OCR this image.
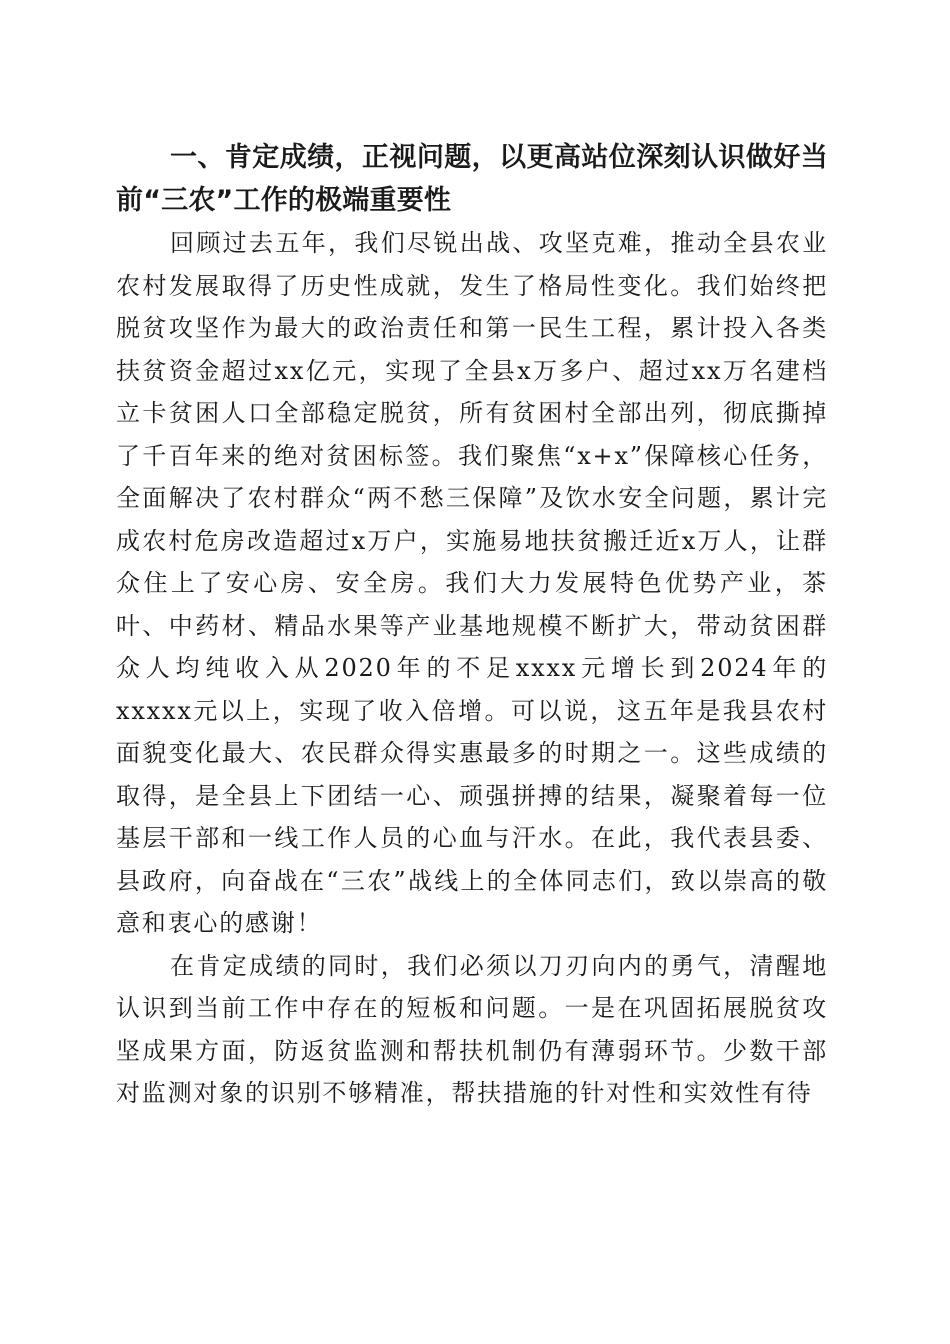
一、肯定成绩，正视问题，以更高站位深刻认识做好当前“三农”工作的极端重要性

回顾过去五年，我们尽锐出战、攻坚克难，推动全县农业农村发展取得了历史性成就，发生了格局性变化。我们始终把脱贫攻坚作为最大的政治责任和第一民生工程，累计投入各类扶贫资金超过xx亿元，实现了全县x万多户、超过xx万名建档立卡贫困人口全部稳定脱贫，所有贫困村全部出列，彻底撕掉了千百年来的绝对贫困标签。我们聚焦“x+x”保障核心任务，全面解决了农村群众“两不愁三保障”及饮水安全问题，累计完成农村危房改造超过x万户，实施易地扶贫搬迁近x万人，让群众住上了安心房、安全房。我们大力发展特色优势产业，茶叶、中药材、精品水果等产业基地规模不断扩大，带动贫困群众人均纯收入从2020年的不足xxxx元增长到2024年的xxxxx元以上，实现了收入倍增。可以说，这五年是我县农村面貌变化最大、农民群众得实惠最多的时期之一。这些成绩的取得，是全县上下团结一心、顽强拼搏的结果，凝聚着每一位基层干部和一线工作人员的心血与汗水。在此，我代表县委、县政府，向奋战在“三农”战线上的全体同志们，致以崇高的敬意和衷心的感谢！

在肯定成绩的同时，我们必须以刀刃向内的勇气，清醒地认识到当前工作中存在的短板和问题。一是在巩固拓展脱贫攻坚成果方面，防返贫监测和帮扶机制仍有薄弱环节。少数干部对监测对象的识别不够精准，帮扶措施的针对性和实效性有待
